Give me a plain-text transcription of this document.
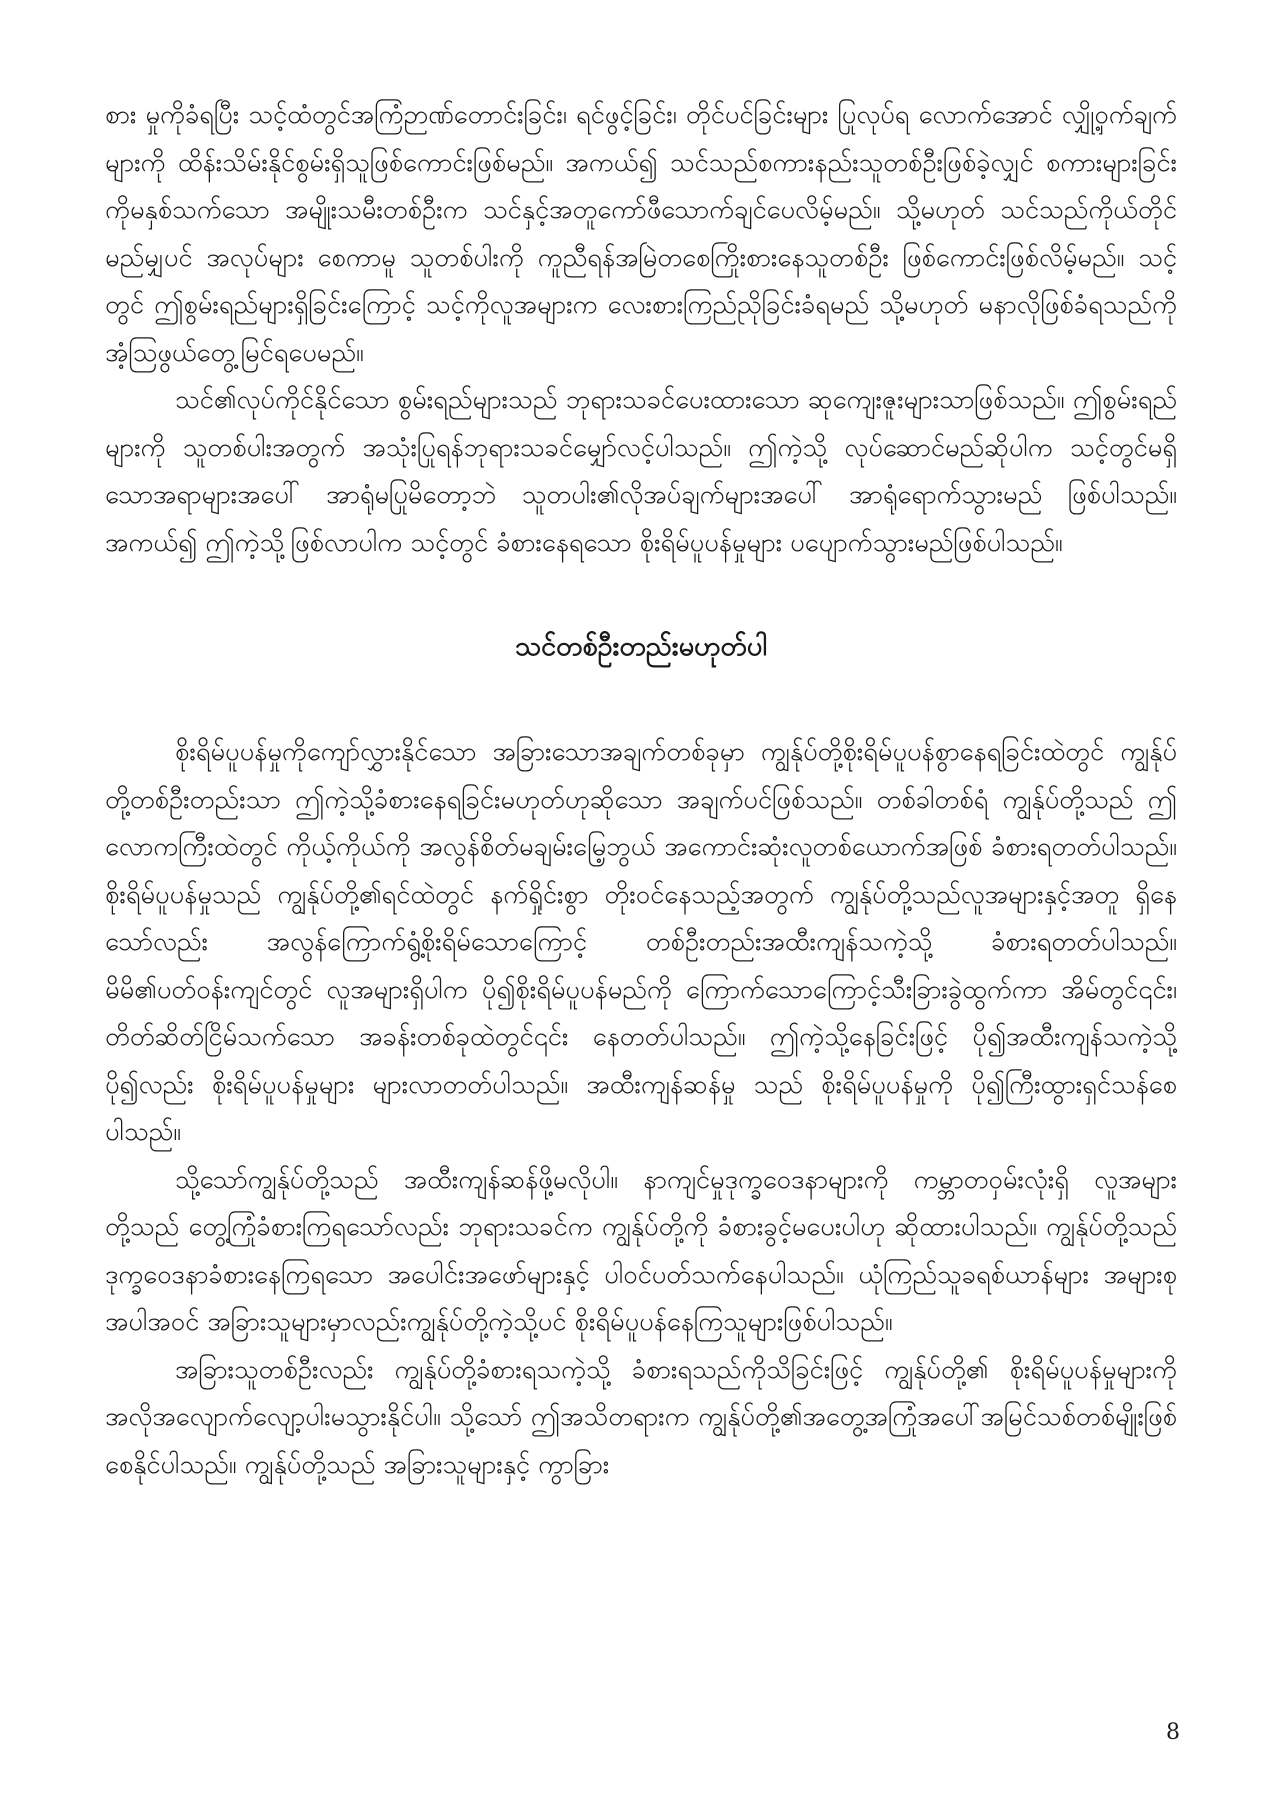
စား မှုကိုခံရပြီး သင့်ထံတွင်အကြံဉာဏ်တောင်းခြင်း၊ ရင်ဖွင့်ခြင်း၊ တိုင်ပင်ခြင်းများ ပြုလုပ်ရ လောက်အောင် လျှို့ဝှက်ချက်များကို ထိန်းသိမ်းနိုင်စွမ်းရှိသူဖြစ်ကောင်းဖြစ်မည်။ အကယ်၍ သင်သည်စကားနည်းသူတစ်ဦးဖြစ်ခဲ့လျှင် စကားများခြင်းကိုမနှစ်သက်သော အမျိုးသမီးတစ်ဦးက သင်နှင့်အတူကော်ဖီသောက်ချင်ပေလိမ့်မည်။ သို့မဟုတ် သင်သည်ကိုယ်တိုင်မည်မျှပင် အလုပ်များ စေကာမူ သူတစ်ပါးကို ကူညီရန်အမြဲတစေကြိုးစားနေသူတစ်ဦး ဖြစ်ကောင်းဖြစ်လိမ့်မည်။ သင့်တွင် ဤစွမ်းရည်များရှိခြင်းကြောင့် သင့်ကိုလူအများက လေးစားကြည်ညိုခြင်းခံရမည် သို့မဟုတ် မနာလိုဖြစ်ခံရသည်ကို အံ့သြဖွယ်တွေ့မြင်ရပေမည်။

သင်၏လုပ်ကိုင်နိုင်သော စွမ်းရည်များသည် ဘုရားသခင်ပေးထားသော ဆုကျေးဇူးများသာဖြစ်သည်။ ဤစွမ်းရည်များကို သူတစ်ပါးအတွက် အသုံးပြုရန်ဘုရားသခင်မျှော်လင့်ပါသည်။ ဤကဲ့သို့ လုပ်ဆောင်မည်ဆိုပါက သင့်တွင်မရှိသောအရာများအပေါ် အာရုံမပြုမိတော့ဘဲ သူတပါး၏လိုအပ်ချက်များအပေါ် အာရုံရောက်သွားမည် ဖြစ်ပါသည်။ အကယ်၍ ဤကဲ့သို့ဖြစ်လာပါက သင့်တွင် ခံစားနေရသော စိုးရိမ်ပူပန်မှုများ ပပျောက်သွားမည်ဖြစ်ပါသည်။

သင်တစ်ဦးတည်းမဟုတ်ပါ

စိုးရိမ်ပူပန်မှုကိုကျော်လွှားနိုင်သော အခြားသောအချက်တစ်ခုမှာ ကျွန်ုပ်တို့စိုးရိမ်ပူပန်စွာနေရခြင်းထဲတွင် ကျွန်ုပ်တို့တစ်ဦးတည်းသာ ဤကဲ့သို့ခံစားနေရခြင်းမဟုတ်ဟုဆိုသော အချက်ပင်ဖြစ်သည်။ တစ်ခါတစ်ရံ ကျွန်ုပ်တို့သည် ဤလောကကြီးထဲတွင် ကိုယ့်ကိုယ်ကို အလွန်စိတ်မချမ်းမြေ့ဘွယ် အကောင်းဆုံးလူတစ်ယောက်အဖြစ် ခံစားရတတ်ပါသည်။ စိုးရိမ်ပူပန်မှုသည် ကျွန်ုပ်တို့၏ရင်ထဲတွင် နက်ရှိုင်းစွာ တိုးဝင်နေသည့်အတွက် ကျွန်ုပ်တို့သည်လူအများနှင့်အတူ ရှိနေသော်လည်း အလွန်ကြောက်ရွံ့စိုးရိမ်သောကြောင့် တစ်ဦးတည်းအထီးကျန်သကဲ့သို့ ခံစားရတတ်ပါသည်။ မိမိ၏ပတ်ဝန်းကျင်တွင် လူအများရှိပါက ပို၍စိုးရိမ်ပူပန်မည်ကို ကြောက်သောကြောင့်သီးခြားခွဲထွက်ကာ အိမ်တွင်၎င်း၊ တိတ်ဆိတ်ငြိမ်သက်သော အခန်းတစ်ခုထဲတွင်၎င်း နေတတ်ပါသည်။ ဤကဲ့သို့နေခြင်းဖြင့် ပို၍အထီးကျန်သကဲ့သို့ ပို၍လည်း စိုးရိမ်ပူပန်မှုများ များလာတတ်ပါသည်။ အထီးကျန်ဆန်မှု သည် စိုးရိမ်ပူပန်မှုကို ပို၍ကြီးထွားရှင်သန်စေပါသည်။

သို့သော်ကျွန်ုပ်တို့သည် အထီးကျန်ဆန်ဖို့မလိုပါ။ နာကျင်မှုဒုက္ခဝေဒနာများကို ကမ္ဘာတဝှမ်းလုံးရှိ လူအများတို့သည် တွေ့ကြုံခံစားကြရသော်လည်း ဘုရားသခင်က ကျွန်ုပ်တို့ကို ခံစားခွင့်မပေးပါဟု ဆိုထားပါသည်။ ကျွန်ုပ်တို့သည် ဒုက္ခဝေဒနာခံစားနေကြရသော အပေါင်းအဖော်များနှင့် ပါဝင်ပတ်သက်နေပါသည်။ ယုံကြည်သူခရစ်ယာန်များ အများစုအပါအဝင် အခြားသူများမှာလည်းကျွန်ုပ်တို့ကဲ့သို့ပင် စိုးရိမ်ပူပန်နေကြသူများဖြစ်ပါသည်။

အခြားသူတစ်ဦးလည်း ကျွန်ုပ်တို့ခံစားရသကဲ့သို့ ခံစားရသည်ကိုသိခြင်းဖြင့် ကျွန်ုပ်တို့၏ စိုးရိမ်ပူပန်မှုများကို အလိုအလျောက်လျော့ပါးမသွားနိုင်ပါ။ သို့သော် ဤအသိတရားက ကျွန်ုပ်တို့၏အတွေ့အကြုံအပေါ်အမြင်သစ်တစ်မျိုးဖြစ်စေနိုင်ပါသည်။ ကျွန်ုပ်တို့သည် အခြားသူများနှင့် ကွာခြား

8
